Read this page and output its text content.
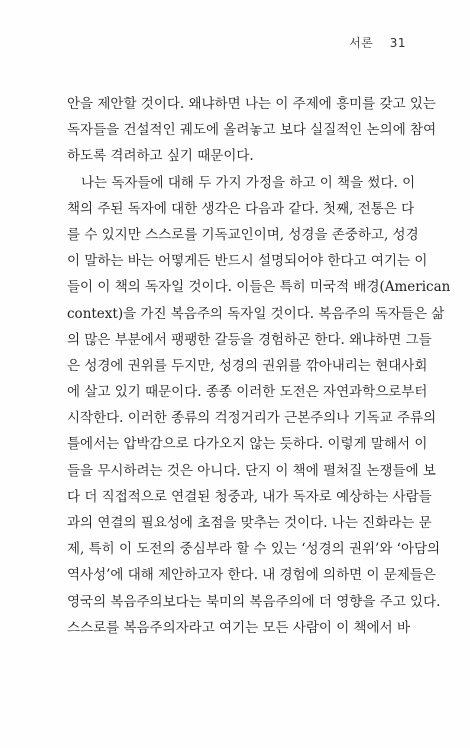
서론 31

안을 제안할 것이다. 왜냐하면 나는 이 주제에 흥미를 갖고 있는
독자들을 건설적인 궤도에 올려놓고 보다 실질적인 논의에 참여
하도록 격려하고 싶기 때문이다.

나는 독자들에 대해 두 가지 가정을 하고 이 책을 썼다. 이
책의 주된 독자에 대한 생각은 다음과 같다. 첫째, 전통은 다
를 수 있지만 스스로를 기독교인이며, 성경을 존중하고, 성경
이 말하는 바는 어떻게든 반드시 설명되어야 한다고 여기는 이
들이 이 책의 독자일 것이다. 이들은 특히 미국적 배경(American
context)을 가진 복음주의 독자일 것이다. 복음주의 독자들은 삶
의 많은 부분에서 팽팽한 갈등을 경험하곤 한다. 왜냐하면 그들
은 성경에 권위를 두지만, 성경의 권위를 깎아내리는 현대사회
에 살고 있기 때문이다. 종종 이러한 도전은 자연과학으로부터
시작한다. 이러한 종류의 걱정거리가 근본주의나 기독교 주류의
틀에서는 압박감으로 다가오지 않는 듯하다. 이렇게 말해서 이
들을 무시하려는 것은 아니다. 단지 이 책에 펼쳐질 논쟁들에 보
다 더 직접적으로 연결된 청중과, 내가 독자로 예상하는 사람들
과의 연결의 필요성에 초점을 맞추는 것이다. 나는 진화라는 문
제, 특히 이 도전의 중심부라 할 수 있는 ‘성경의 권위’와 ‘아담의
역사성’에 대해 제안하고자 한다. 내 경험에 의하면 이 문제들은
영국의 복음주의보다는 북미의 복음주의에 더 영향을 주고 있다.
스스로를 복음주의자라고 여기는 모든 사람이 이 책에서 바
